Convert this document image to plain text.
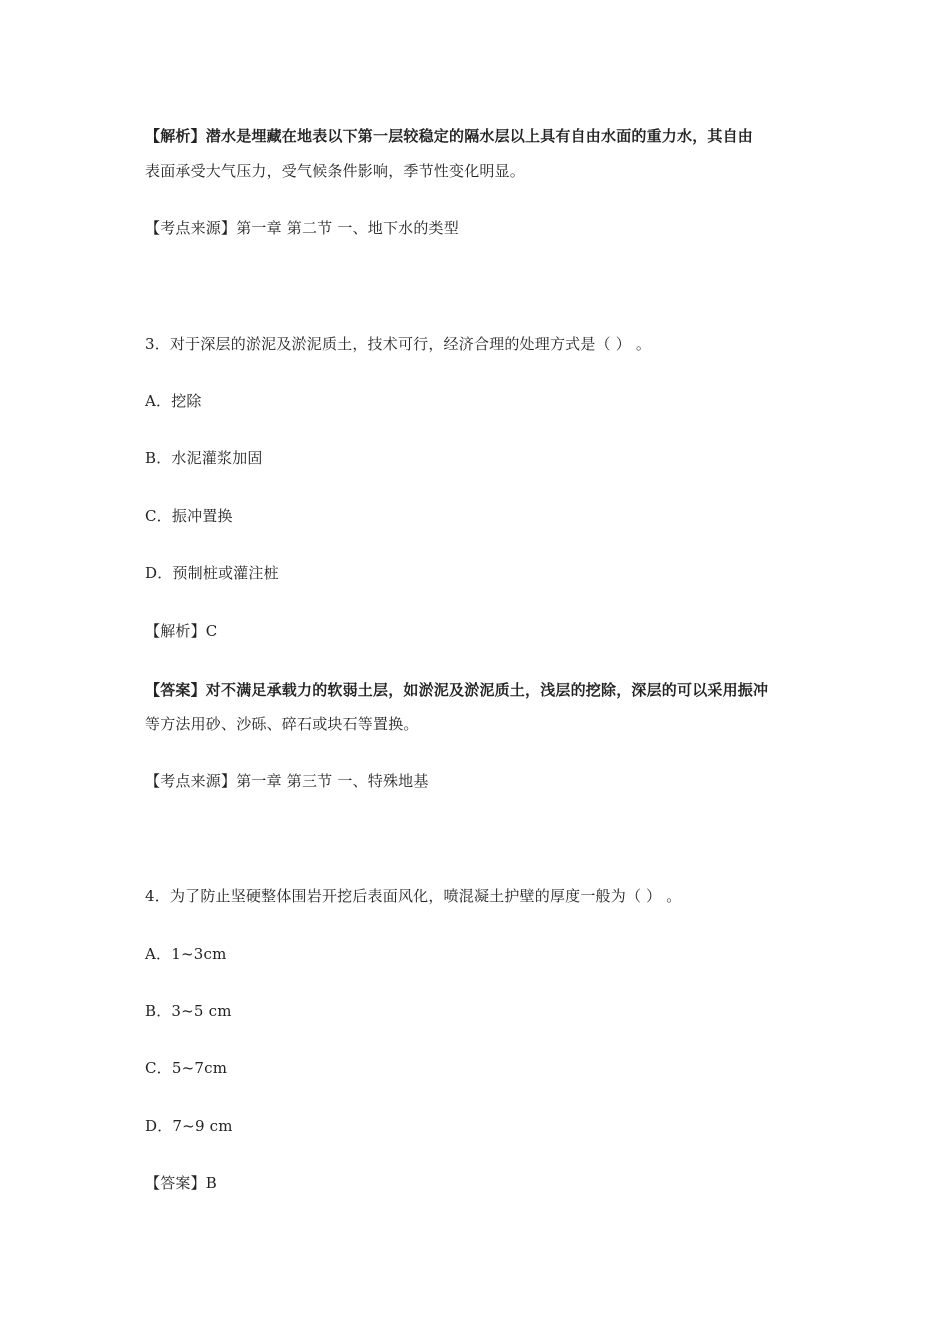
【解析】潜水是埋藏在地表以下第一层较稳定的隔水层以上具有自由水面的重力水，其自由
表面承受大气压力，受气候条件影响，季节性变化明显。
【考点来源】第一章 第二节 一、地下水的类型
3．对于深层的淤泥及淤泥质土，技术可行，经济合理的处理方式是（ ） 。
A．挖除
B．水泥灌浆加固
C．振冲置换
D．预制桩或灌注桩
【解析】C
【答案】对不满足承载力的软弱土层，如淤泥及淤泥质土，浅层的挖除，深层的可以采用振冲
等方法用砂、沙砾、碎石或块石等置换。
【考点来源】第一章 第三节 一、特殊地基
4．为了防止坚硬整体围岩开挖后表面风化，喷混凝土护壁的厚度一般为（ ） 。
A．1~3cm
B．3~5 cm
C．5~7cm
D．7~9 cm
【答案】B
